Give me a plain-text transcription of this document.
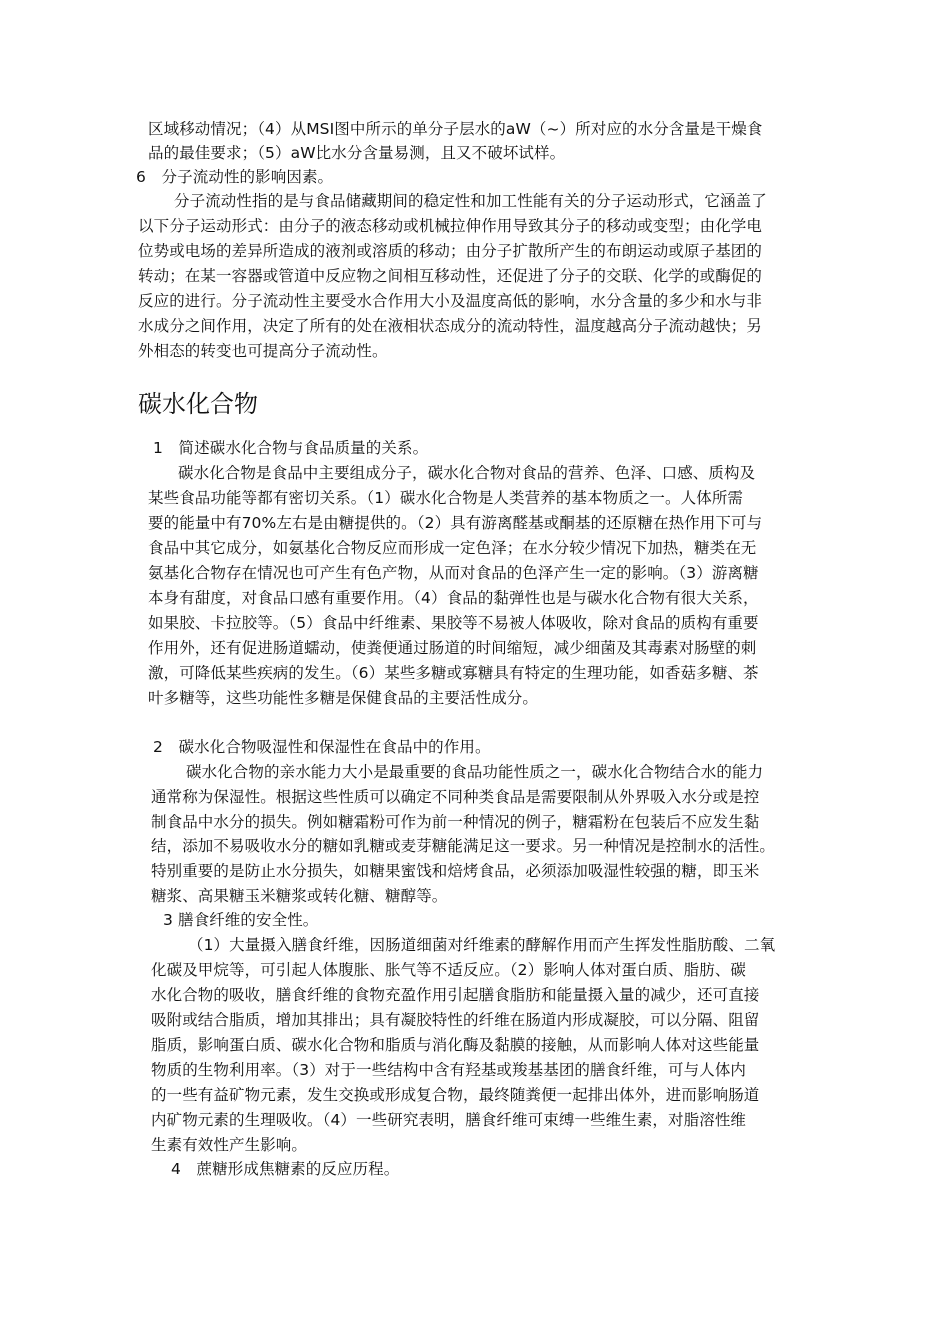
区域移动情况；（4）从MSI图中所示的单分子层水的aW（~）所对应的水分含量是干燥食

品的最佳要求；（5）aW比水分含量易测，且又不破坏试样。

6　分子流动性的影响因素。

分子流动性指的是与食品储藏期间的稳定性和加工性能有关的分子运动形式，它涵盖了

以下分子运动形式：由分子的液态移动或机械拉伸作用导致其分子的移动或变型；由化学电

位势或电场的差异所造成的液剂或溶质的移动；由分子扩散所产生的布朗运动或原子基团的

转动；在某一容器或管道中反应物之间相互移动性，还促进了分子的交联、化学的或酶促的

反应的进行。分子流动性主要受水合作用大小及温度高低的影响，水分含量的多少和水与非

水成分之间作用，决定了所有的处在液相状态成分的流动特性，温度越高分子流动越快；另

外相态的转变也可提高分子流动性。

碳水化合物

1　简述碳水化合物与食品质量的关系。

碳水化合物是食品中主要组成分子，碳水化合物对食品的营养、色泽、口感、质构及

某些食品功能等都有密切关系。（1）碳水化合物是人类营养的基本物质之一。人体所需

要的能量中有70%左右是由糖提供的。（2）具有游离醛基或酮基的还原糖在热作用下可与

食品中其它成分，如氨基化合物反应而形成一定色泽；在水分较少情况下加热，糖类在无

氨基化合物存在情况也可产生有色产物，从而对食品的色泽产生一定的影响。（3）游离糖

本身有甜度，对食品口感有重要作用。（4）食品的黏弹性也是与碳水化合物有很大关系，

如果胶、卡拉胶等。（5）食品中纤维素、果胶等不易被人体吸收，除对食品的质构有重要

作用外，还有促进肠道蠕动，使粪便通过肠道的时间缩短，减少细菌及其毒素对肠壁的刺

激，可降低某些疾病的发生。（6）某些多糖或寡糖具有特定的生理功能，如香菇多糖、茶

叶多糖等，这些功能性多糖是保健食品的主要活性成分。

2　碳水化合物吸湿性和保湿性在食品中的作用。

碳水化合物的亲水能力大小是最重要的食品功能性质之一，碳水化合物结合水的能力

通常称为保湿性。根据这些性质可以确定不同种类食品是需要限制从外界吸入水分或是控

制食品中水分的损失。例如糖霜粉可作为前一种情况的例子，糖霜粉在包装后不应发生黏

结，添加不易吸收水分的糖如乳糖或麦芽糖能满足这一要求。另一种情况是控制水的活性。

特别重要的是防止水分损失，如糖果蜜饯和焙烤食品，必须添加吸湿性较强的糖，即玉米

糖浆、高果糖玉米糖浆或转化糖、糖醇等。

3 膳食纤维的安全性。

（1）大量摄入膳食纤维，因肠道细菌对纤维素的酵解作用而产生挥发性脂肪酸、二氧

化碳及甲烷等，可引起人体腹胀、胀气等不适反应。（2）影响人体对蛋白质、脂肪、碳

水化合物的吸收，膳食纤维的食物充盈作用引起膳食脂肪和能量摄入量的减少，还可直接

吸附或结合脂质，增加其排出；具有凝胶特性的纤维在肠道内形成凝胶，可以分隔、阻留

脂质，影响蛋白质、碳水化合物和脂质与消化酶及黏膜的接触，从而影响人体对这些能量

物质的生物利用率。（3）对于一些结构中含有羟基或羧基基团的膳食纤维，可与人体内

的一些有益矿物元素，发生交换或形成复合物，最终随粪便一起排出体外，进而影响肠道

内矿物元素的生理吸收。（4）一些研究表明，膳食纤维可束缚一些维生素，对脂溶性维

生素有效性产生影响。

4　蔗糖形成焦糖素的反应历程。
